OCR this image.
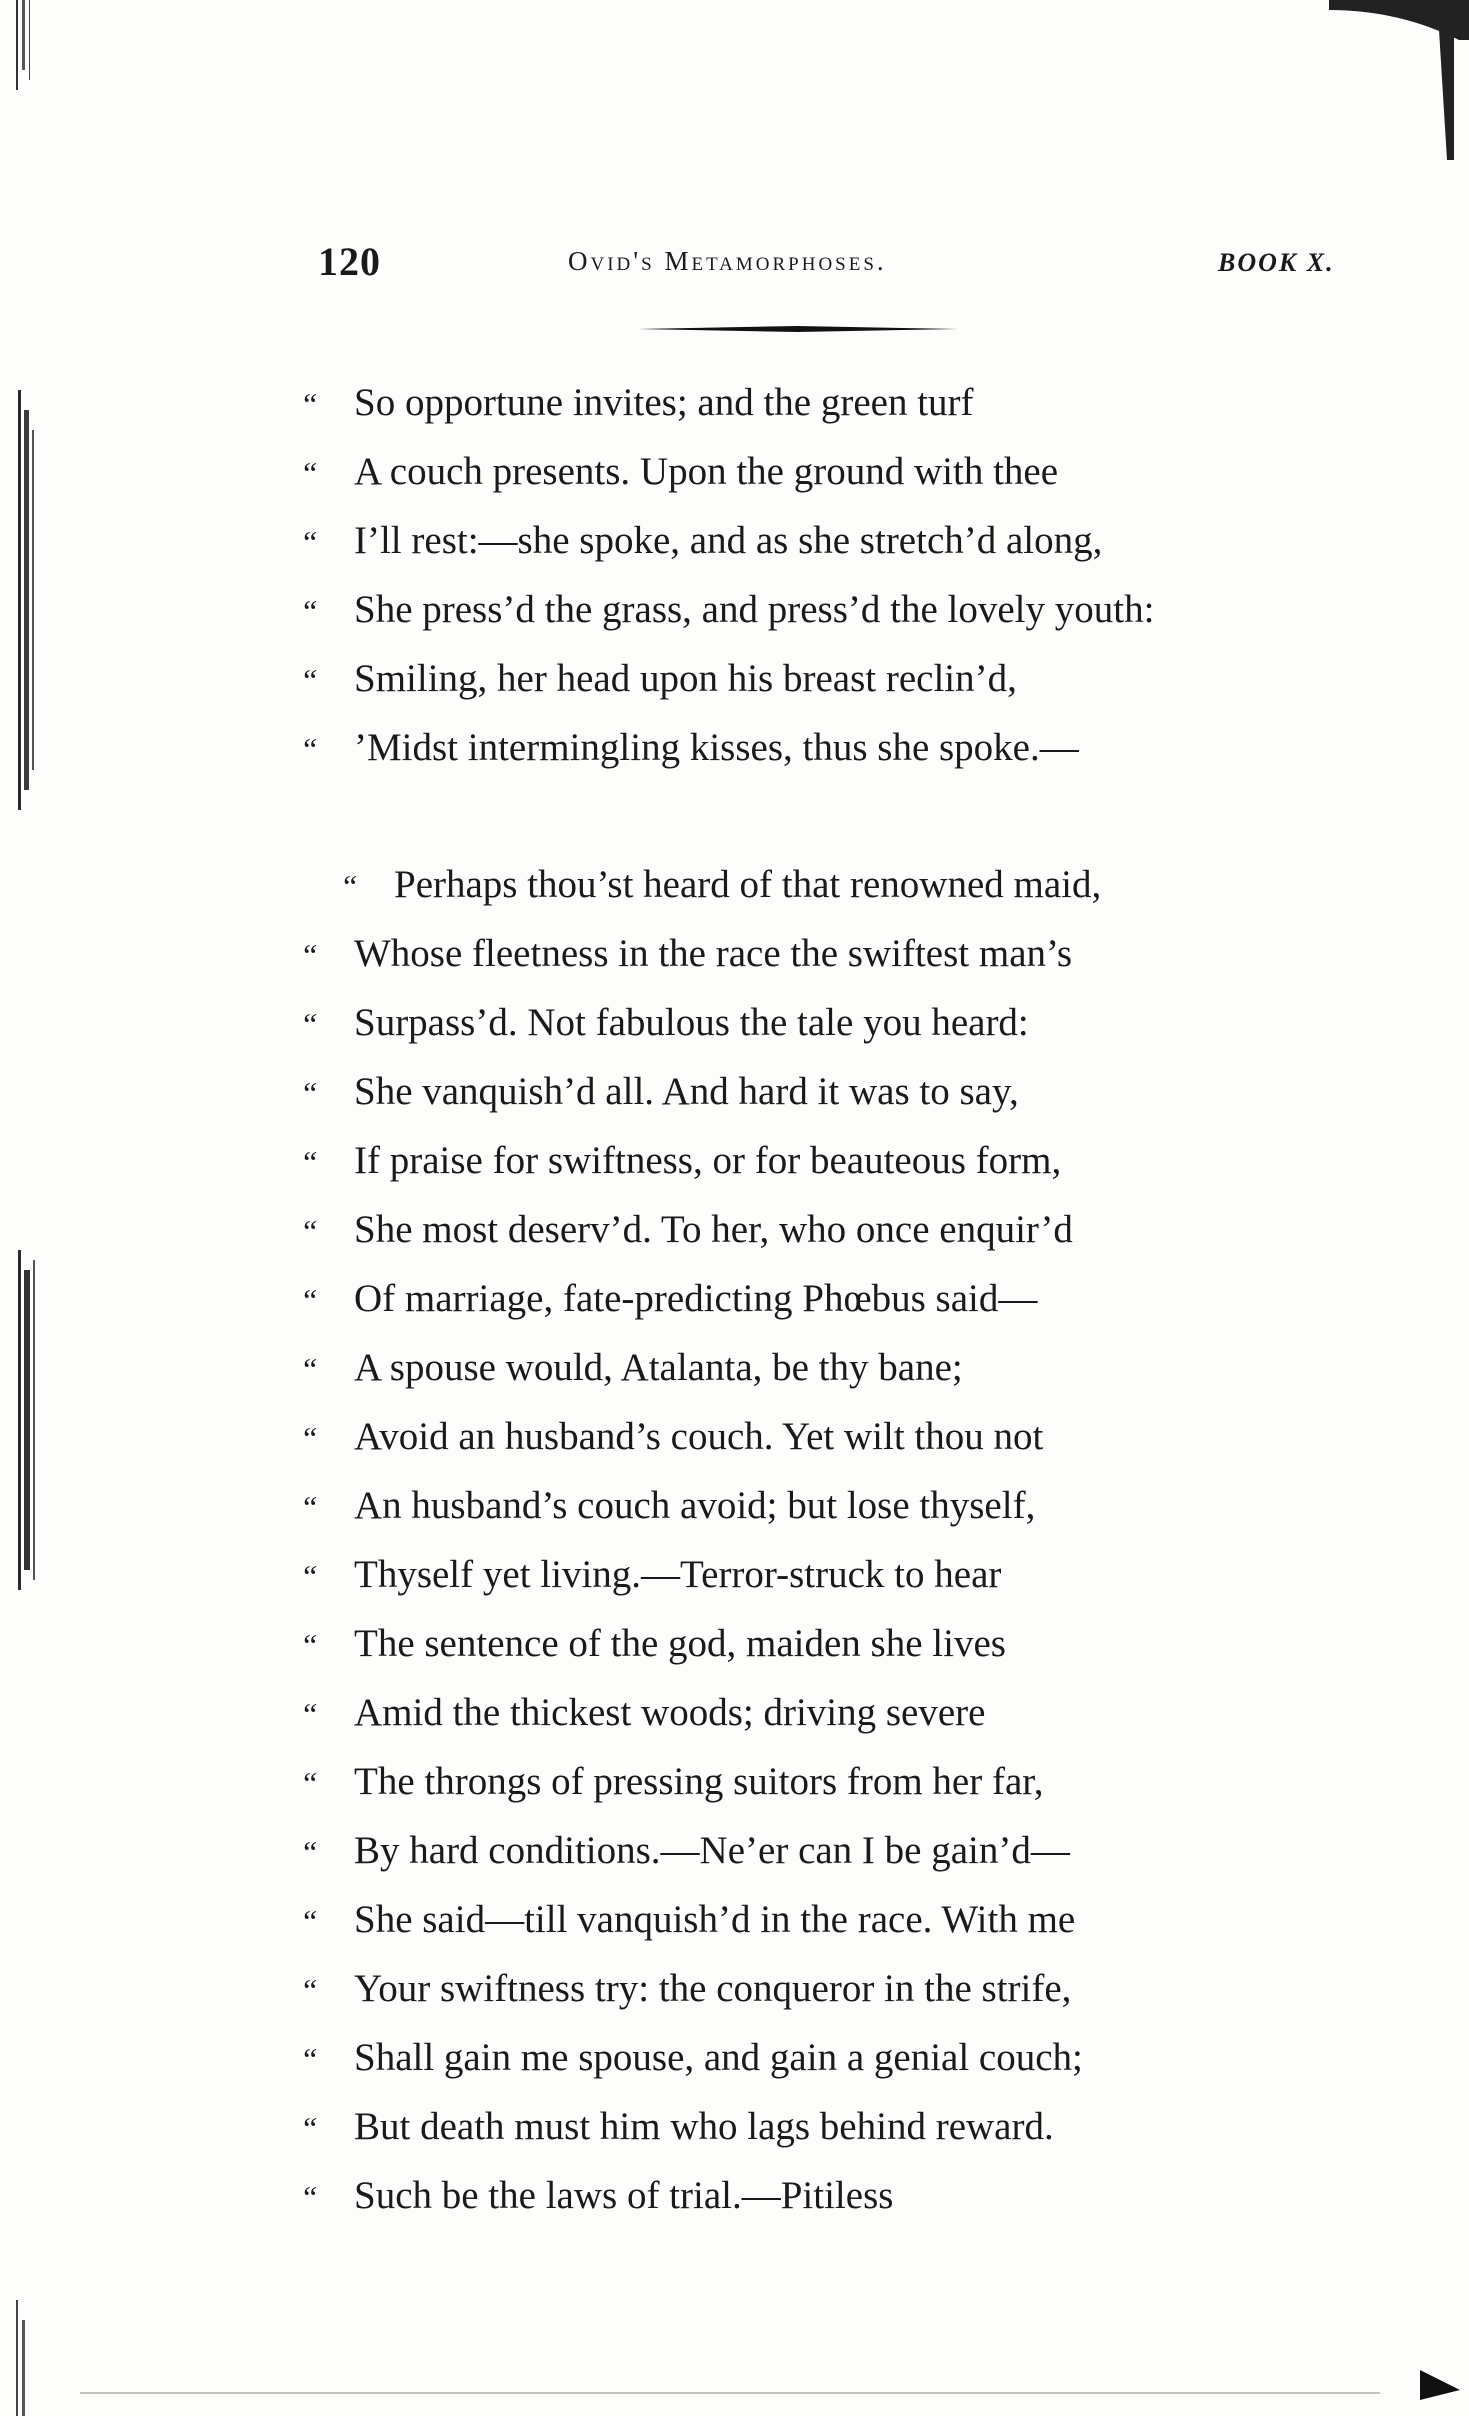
120	Ovid's Metamorphoses.	BOOK X.
“ So opportune invites; and the green turf
“ A couch presents. Upon the ground with thee
“ I’ll rest:—she spoke, and as she stretch’d along,
“ She press’d the grass, and press’d the lovely youth:
“ Smiling, her head upon his breast reclin’d,
“ ’Midst intermingling kisses, thus she spoke.—
“ Perhaps thou’st heard of that renowned maid,
“ Whose fleetness in the race the swiftest man’s
“ Surpass’d. Not fabulous the tale you heard:
“ She vanquish’d all. And hard it was to say,
“ If praise for swiftness, or for beauteous form,
“ She most deserv’d. To her, who once enquir’d
“ Of marriage, fate-predicting Phœbus said—
“ A spouse would, Atalanta, be thy bane;
“ Avoid an husband’s couch. Yet wilt thou not
“ An husband’s couch avoid; but lose thyself,
“ Thyself yet living.—Terror-struck to hear
“ The sentence of the god, maiden she lives
“ Amid the thickest woods; driving severe
“ The throngs of pressing suitors from her far,
“ By hard conditions.—Ne’er can I be gain’d—
“ She said—till vanquish’d in the race. With me
“ Your swiftness try: the conqueror in the strife,
“ Shall gain me spouse, and gain a genial couch;
“ But death must him who lags behind reward.
“ Such be the laws of trial.—Pitiless
